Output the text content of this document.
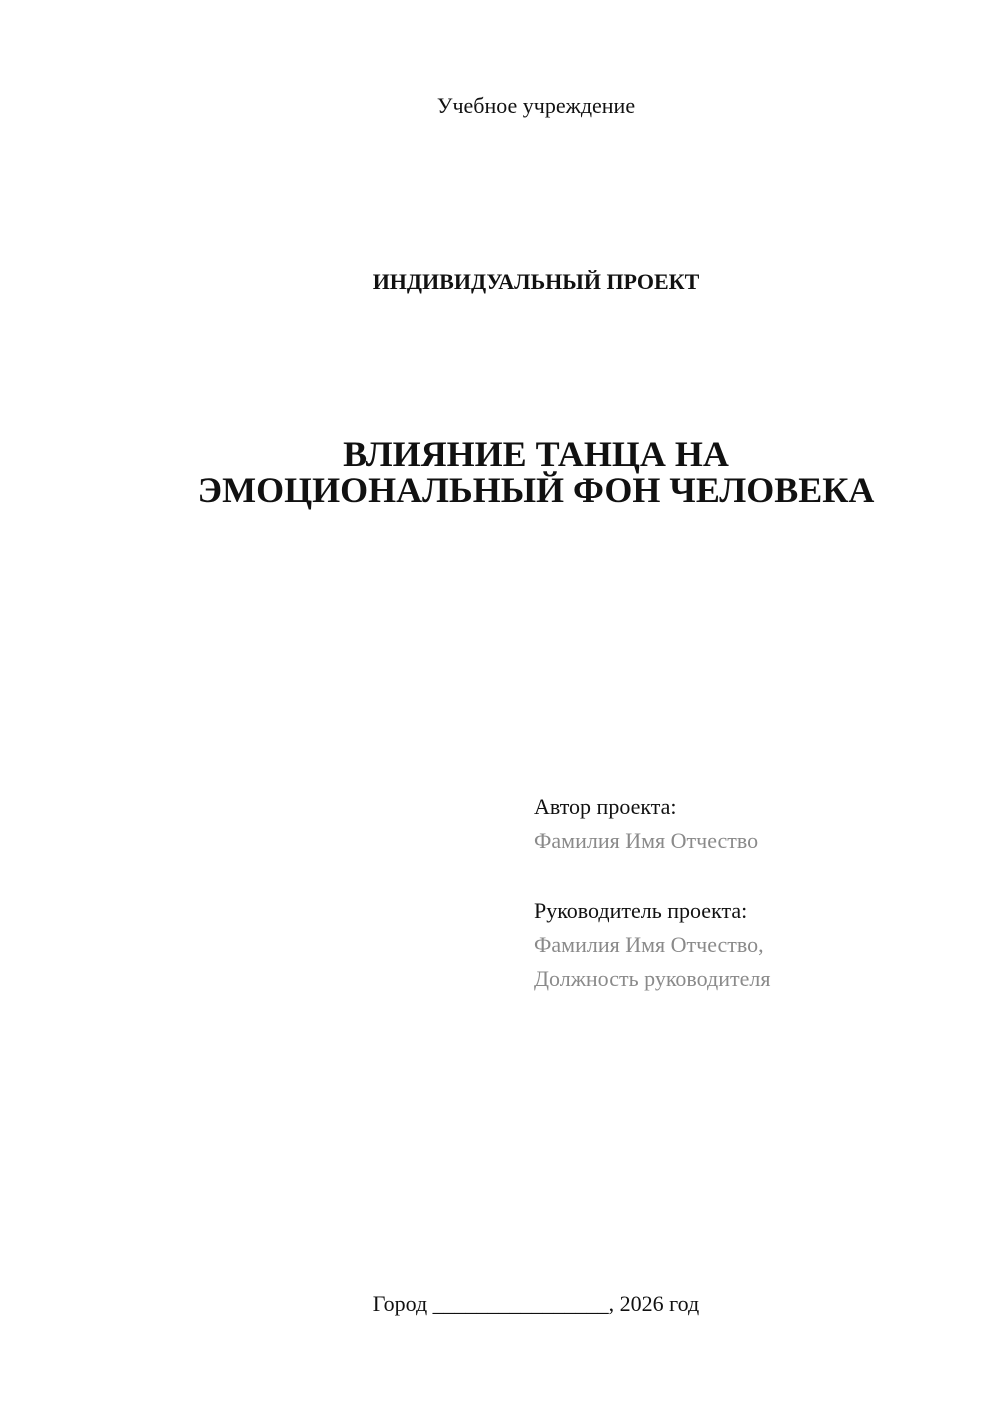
Учебное учреждение
ИНДИВИДУАЛЬНЫЙ ПРОЕКТ
ВЛИЯНИЕ ТАНЦА НА
ЭМОЦИОНАЛЬНЫЙ ФОН ЧЕЛОВЕКА
Автор проекта:
Фамилия Имя Отчество
Руководитель проекта:
Фамилия Имя Отчество,
Должность руководителя
Город ________________, 2026 год
